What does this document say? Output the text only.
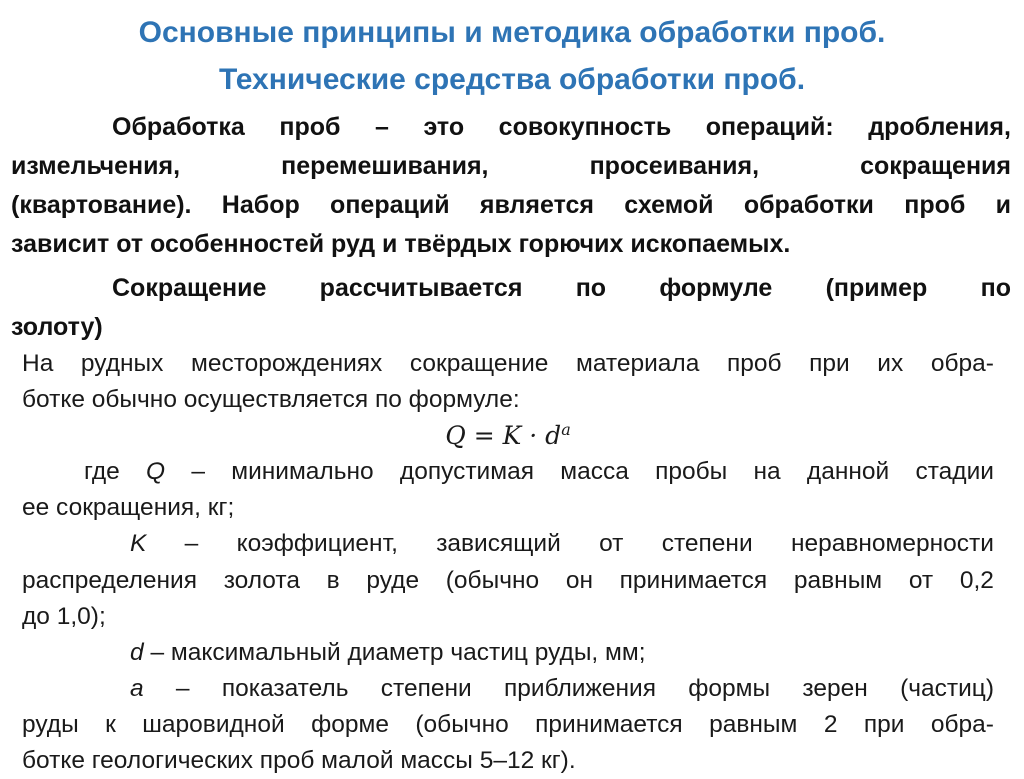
Основные принципы и методика обработки проб.
Технические средства обработки проб.
Обработка проб – это совокупность операций: дробления,
измельчения,	перемешивания,	просеивания,	сокращения
(квартование). Набор операций является схемой обработки проб и
зависит от особенностей руд и твёрдых горючих ископаемых.
Сокращение рассчитывается по формуле (пример по
золоту)
На рудных месторождениях сокращение материала проб при их обра-
ботке обычно осуществляется по формуле:
$Q = K \cdot d^a$
где Q – минимально допустимая масса пробы на данной стадии
ее сокращения, кг;
K – коэффициент, зависящий от степени неравномерности
распределения золота в руде (обычно он принимается равным от 0,2
до 1,0);
d – максимальный диаметр частиц руды, мм;
a – показатель степени приближения формы зерен (частиц)
руды к шаровидной форме (обычно принимается равным 2 при обра-
ботке геологических проб малой массы 5–12 кг).
